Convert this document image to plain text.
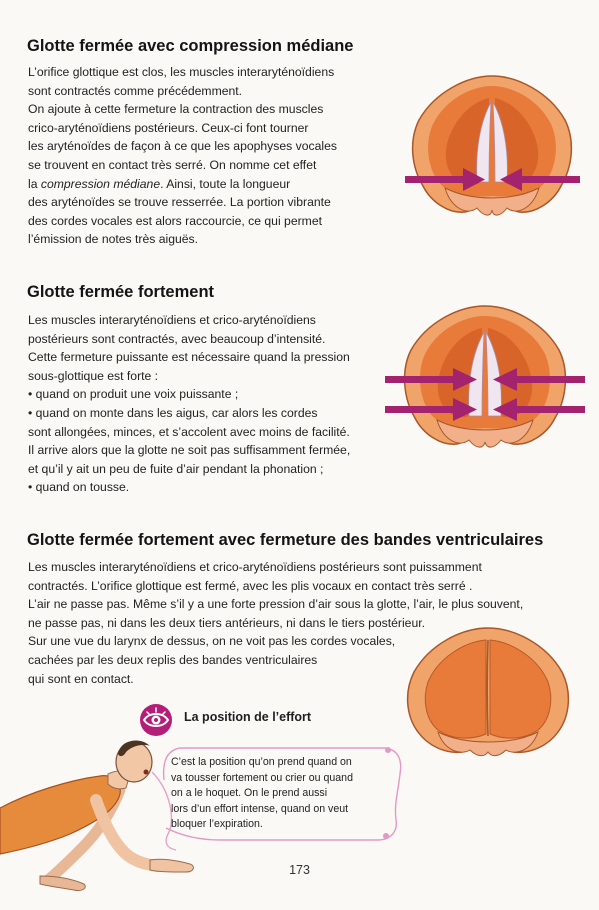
Glotte fermée avec compression médiane
L’orifice glottique est clos, les muscles interaryténoïdiens
sont contractés comme précédemment.
On ajoute à cette fermeture la contraction des muscles
crico-aryténoïdiens postérieurs. Ceux-ci font tourner
les aryténoïdes de façon à ce que les apophyses vocales
se trouvent en contact très serré. On nomme cet effet
la compression médiane. Ainsi, toute la longueur
des aryténoïdes se trouve resserrée. La portion vibrante
des cordes vocales est alors raccourcie, ce qui permet
l’émission de notes très aiguës.
Glotte fermée fortement
Les muscles interaryténoïdiens et crico-aryténoïdiens
postérieurs sont contractés, avec beaucoup d’intensité.
Cette fermeture puissante est nécessaire quand la pression
sous-glottique est forte :
• quand on produit une voix puissante ;
• quand on monte dans les aigus, car alors les cordes
sont allongées, minces, et s’accolent avec moins de facilité.
Il arrive alors que la glotte ne soit pas suffisamment fermée,
et qu’il y ait un peu de fuite d’air pendant la phonation ;
• quand on tousse.
Glotte fermée fortement avec fermeture des bandes ventriculaires
Les muscles interaryténoïdiens et crico-aryténoïdiens postérieurs sont puissamment
contractés. L’orifice glottique est fermé, avec les plis vocaux en contact très serré .
L’air ne passe pas. Même s’il y a une forte pression d’air sous la glotte, l’air, le plus souvent,
ne passe pas, ni dans les deux tiers antérieurs, ni dans le tiers postérieur.
Sur une vue du larynx de dessus, on ne voit pas les cordes vocales,
cachées par les deux replis des bandes ventriculaires
qui sont en contact.
La position de l’effort
C’est la position qu’on prend quand on
va tousser fortement ou crier ou quand
on a le hoquet. On le prend aussi
lors d’un effort intense, quand on veut
bloquer l’expiration.
173
